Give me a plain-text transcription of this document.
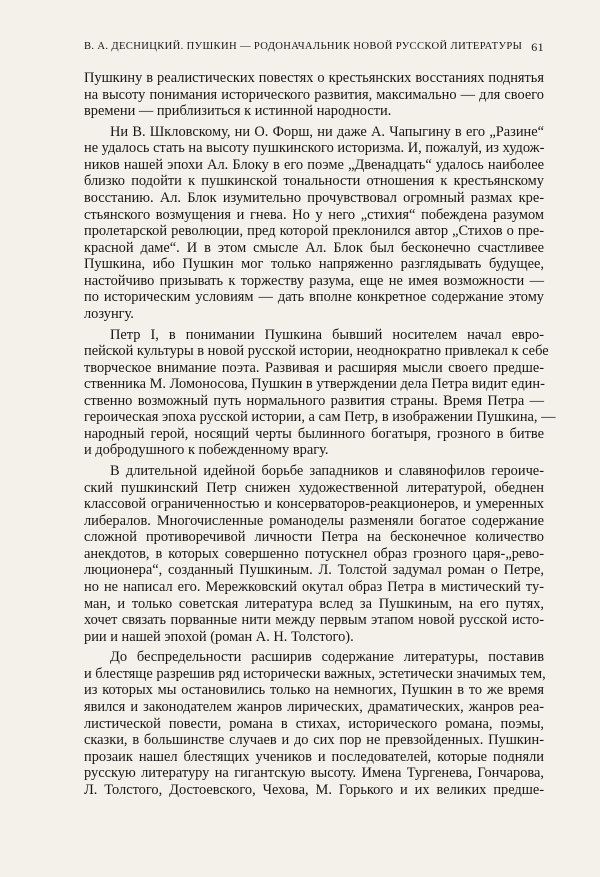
В. А. ДЕСНИЦКИЙ. ПУШКИН — РОДОНАЧАЛЬНИК НОВОЙ РУССКОЙ ЛИТЕРАТУРЫ 61
Пушкину в реалистических повестях о крестьянских восстаниях поднятья
на высоту понимания исторического развития, максимально — для своего
времени — приблизиться к истинной народности.
Ни В. Шкловскому, ни О. Форш, ни даже А. Чапыгину в его „Разине“
не удалось стать на высоту пушкинского историзма. И, пожалуй, из худож-
ников нашей эпохи Ал. Блоку в его поэме „Двенадцать“ удалось наиболее
близко подойти к пушкинской тональности отношения к крестьянскому
восстанию. Ал. Блок изумительно прочувствовал огромный размах кре-
стьянского возмущения и гнева. Но у него „стихия“ побеждена разумом
пролетарской революции, пред которой преклонился автор „Стихов о пре-
красной даме“. И в этом смысле Ал. Блок был бесконечно счастливее
Пушкина, ибо Пушкин мог только напряженно разглядывать будущее,
настойчиво призывать к торжеству разума, еще не имея возможности —
по историческим условиям — дать вполне конкретное содержание этому
лозунгу.
Петр I, в понимании Пушкина бывший носителем начал евро-
пейской культуры в новой русской истории, неоднократно привлекал к себе
творческое внимание поэта. Развивая и расширяя мысли своего предше-
ственника М. Ломоносова, Пушкин в утверждении дела Петра видит един-
ственно возможный путь нормального развития страны. Время Петра —
героическая эпоха русской истории, а сам Петр, в изображении Пушкина, —
народный герой, носящий черты былинного богатыря, грозного в битве
и добродушного к побежденному врагу.
В длительной идейной борьбе западников и славянофилов героиче-
ский пушкинский Петр снижен художественной литературой, обеднен
классовой ограниченностью и консерваторов-реакционеров, и умеренных
либералов. Многочисленные романоделы разменяли богатое содержание
сложной противоречивой личности Петра на бесконечное количество
анекдотов, в которых совершенно потускнел образ грозного царя-„рево-
люционера“, созданный Пушкиным. Л. Толстой задумал роман о Петре,
но не написал его. Мережковский окутал образ Петра в мистический ту-
ман, и только советская литература вслед за Пушкиным, на его путях,
хочет связать порванные нити между первым этапом новой русской исто-
рии и нашей эпохой (роман А. Н. Толстого).
До беспредельности расширив содержание литературы, поставив
и блестяще разрешив ряд исторически важных, эстетически значимых тем,
из которых мы остановились только на немногих, Пушкин в то же время
явился и законодателем жанров лирических, драматических, жанров реа-
листической повести, романа в стихах, исторического романа, поэмы,
сказки, в большинстве случаев и до сих пор не превзойденных. Пушкин-
прозаик нашел блестящих учеников и последователей, которые подняли
русскую литературу на гигантскую высоту. Имена Тургенева, Гончарова,
Л. Толстого, Достоевского, Чехова, М. Горького и их великих предше-
